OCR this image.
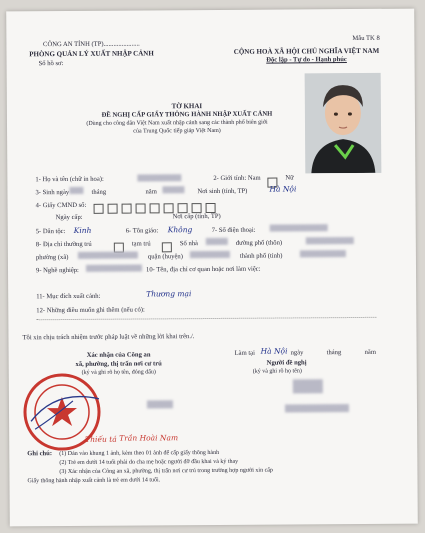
CÔNG AN TỈNH (TP)......................
PHÒNG QUẢN LÝ XUẤT NHẬP CẢNH
Số hồ sơ:
Mẫu TK 8
CỘNG HOÀ XÃ HỘI CHỦ NGHĨA VIỆT NAM
Độc lập - Tự do - Hạnh phúc
TỜ KHAI
ĐỀ NGHỊ CẤP GIẤY THÔNG HÀNH NHẬP XUẤT CẢNH
(Dùng cho công dân Việt Nam xuất nhập cảnh sang các thành phố biên giới
của Trung Quốc tiếp giáp Việt Nam)
1- Họ và tên (chữ in hoa):	2- Giới tính: Nam	Nữ
3- Sinh ngày	tháng	năm	Nơi sinh (tỉnh, TP)	Hà Nội
4- Giấy CMND số:
Ngày cấp:	Nơi cấp (tỉnh, TP)
5- Dân tộc: Kinh	6- Tôn giáo: Không	7- Số điện thoại:
8- Địa chỉ thường trú	tạm trú	Số nhà	đường phố (thôn)
phường (xã)	quận (huyện)	thành phố (tỉnh)
9- Nghề nghiệp:	10- Tên, địa chỉ cơ quan hoặc nơi làm việc:
11- Mục đích xuất cảnh:	Thương mại
12- Những điều muốn ghi thêm (nếu có):
Tôi xin chịu trách nhiệm trước pháp luật về những lời khai trên./.
Làm tại Hà Nội ngày	tháng	năm
Người đề nghị
(ký và ghi rõ họ tên)
Xác nhận của Công an
xã, phường, thị trấn nơi cư trú
(ký và ghi rõ họ tên, đóng dấu)
Thiếu tá Trần Hoài Nam
Ghi chú: (1) Dán vào khung 1 ảnh, kèm theo 01 ảnh để cấp giấy thông hành
(2) Trẻ em dưới 14 tuổi phải do cha mẹ hoặc người đỡ đầu khai và ký thay
(3) Xác nhận của Công an xã, phường, thị trấn nơi cư trú trong trường hợp người xin cấp
Giấy thông hành nhập xuất cảnh là trẻ em dưới 14 tuổi.
